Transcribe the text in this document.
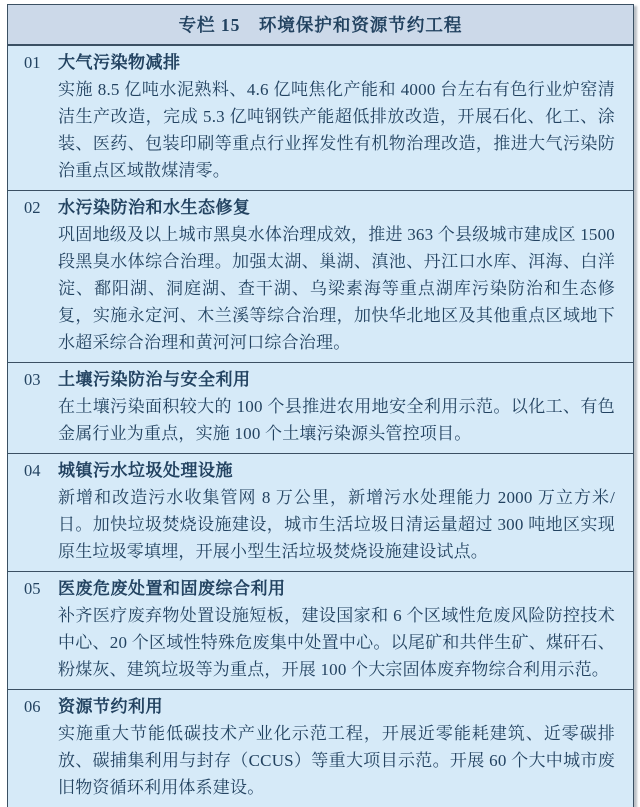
专栏 15　环境保护和资源节约工程
01	大气污染物减排

实施 8.5 亿吨水泥熟料、4.6 亿吨焦化产能和 4000 台左右有色行业炉窑清洁生产改造，完成 5.3 亿吨钢铁产能超低排放改造，开展石化、化工、涂装、医药、包装印刷等重点行业挥发性有机物治理改造，推进大气污染防治重点区域散煤清零。

02	水污染防治和水生态修复

巩固地级及以上城市黑臭水体治理成效，推进 363 个县级城市建成区 1500 段黑臭水体综合治理。加强太湖、巢湖、滇池、丹江口水库、洱海、白洋淀、鄱阳湖、洞庭湖、查干湖、乌梁素海等重点湖库污染防治和生态修复，实施永定河、木兰溪等综合治理，加快华北地区及其他重点区域地下水超采综合治理和黄河河口综合治理。

03	土壤污染防治与安全利用

在土壤污染面积较大的 100 个县推进农用地安全利用示范。以化工、有色金属行业为重点，实施 100 个土壤污染源头管控项目。

04	城镇污水垃圾处理设施

新增和改造污水收集管网 8 万公里，新增污水处理能力 2000 万立方米/日。加快垃圾焚烧设施建设，城市生活垃圾日清运量超过 300 吨地区实现原生垃圾零填埋，开展小型生活垃圾焚烧设施建设试点。

05	医废危废处置和固废综合利用

补齐医疗废弃物处置设施短板，建设国家和 6 个区域性危废风险防控技术中心、20 个区域性特殊危废集中处置中心。以尾矿和共伴生矿、煤矸石、粉煤灰、建筑垃圾等为重点，开展 100 个大宗固体废弃物综合利用示范。

06	资源节约利用

实施重大节能低碳技术产业化示范工程，开展近零能耗建筑、近零碳排放、碳捕集利用与封存（CCUS）等重大项目示范。开展 60 个大中城市废旧物资循环利用体系建设。
